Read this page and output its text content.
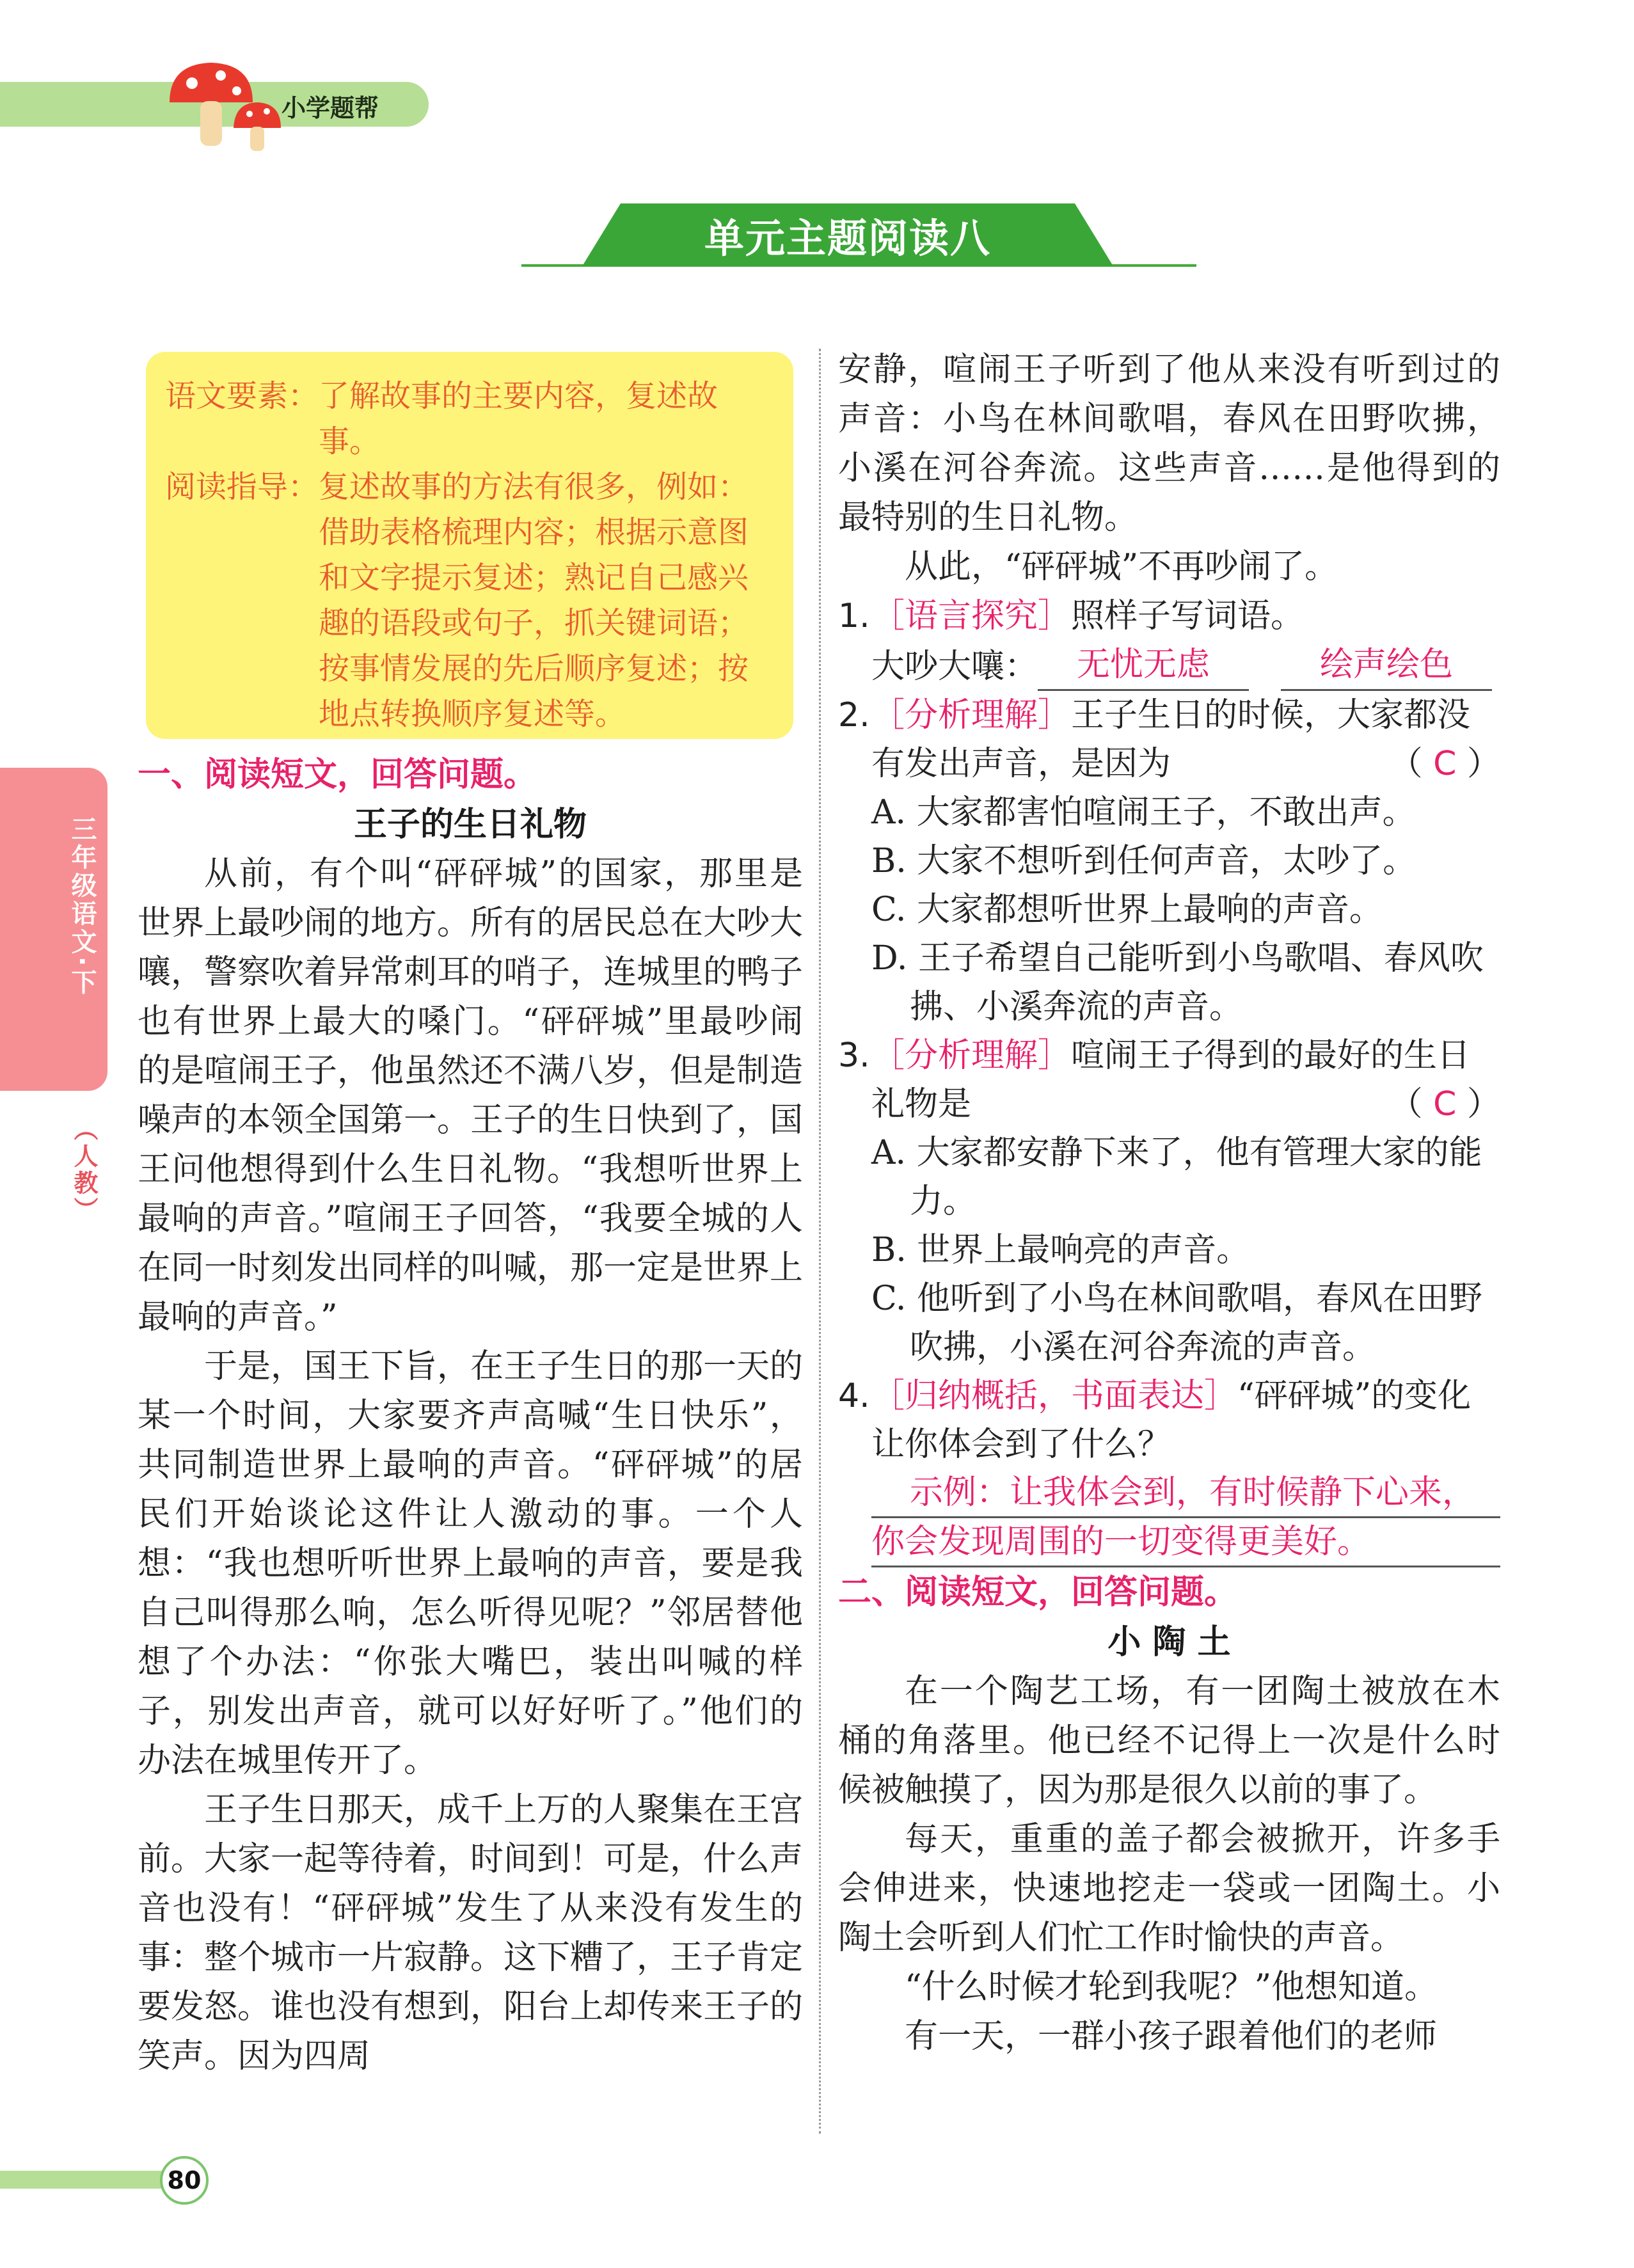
小学题帮
单元主题阅读八
三年级语文·下
（人教）
语文要素： 了解故事的主要内容，复述故事。
阅读指导： 复述故事的方法有很多，例如：借助表格梳理内容；根据示意图和文字提示复述；熟记自己感兴趣的语段或句子，抓关键词语；按事情发展的先后顺序复述；按地点转换顺序复述等。
一、阅读短文，回答问题。
王子的生日礼物

从前，有个叫“砰砰城”的国家，那里是世界上最吵闹的地方。所有的居民总在大吵大嚷，警察吹着异常刺耳的哨子，连城里的鸭子也有世界上最大的嗓门。“砰砰城”里最吵闹的是喧闹王子，他虽然还不满八岁，但是制造噪声的本领全国第一。王子的生日快到了，国王问他想得到什么生日礼物。“我想听世界上最响的声音。”喧闹王子回答，“我要全城的人在同一时刻发出同样的叫喊，那一定是世界上最响的声音。”

于是，国王下旨，在王子生日的那一天的某一个时间，大家要齐声高喊“生日快乐”，共同制造世界上最响的声音。“砰砰城”的居民们开始谈论这件让人激动的事。一个人想：“我也想听听世界上最响的声音，要是我自己叫得那么响，怎么听得见呢？”邻居替他想了个办法：“你张大嘴巴，装出叫喊的样子，别发出声音，就可以好好听了。”他们的办法在城里传开了。

王子生日那天，成千上万的人聚集在王宫前。大家一起等待着，时间到！可是，什么声音也没有！“砰砰城”发生了从来没有发生的事：整个城市一片寂静。这下糟了，王子肯定要发怒。谁也没有想到，阳台上却传来王子的笑声。因为四周

安静，喧闹王子听到了他从来没有听到过的声音：小鸟在林间歌唱，春风在田野吹拂，小溪在河谷奔流。这些声音……是他得到的最特别的生日礼物。

从此，“砰砰城”不再吵闹了。

1. ［语言探究］照样子写词语。
大吵大嚷：	无忧无虑	绘声绘色
2. ［分析理解］王子生日的时候，大家都没有发出声音，是因为	（ C ）
A. 大家都害怕喧闹王子，不敢出声。
B. 大家不想听到任何声音，太吵了。
C. 大家都想听世界上最响的声音。
D. 王子希望自己能听到小鸟歌唱、春风吹拂、小溪奔流的声音。
3. ［分析理解］喧闹王子得到的最好的生日礼物是	（ C ）
A. 大家都安静下来了，他有管理大家的能力。
B. 世界上最响亮的声音。
C. 他听到了小鸟在林间歌唱，春风在田野吹拂，小溪在河谷奔流的声音。
4. ［归纳概括，书面表达］“砰砰城”的变化让你体会到了什么？
示例：让我体会到，有时候静下心来，
你会发现周围的一切变得更美好。
二、阅读短文，回答问题。
小 陶 土

在一个陶艺工场，有一团陶土被放在木桶的角落里。他已经不记得上一次是什么时候被触摸了，因为那是很久以前的事了。

每天，重重的盖子都会被掀开，许多手会伸进来，快速地挖走一袋或一团陶土。小陶土会听到人们忙工作时愉快的声音。

“什么时候才轮到我呢？”他想知道。

有一天，一群小孩子跟着他们的老师

80
